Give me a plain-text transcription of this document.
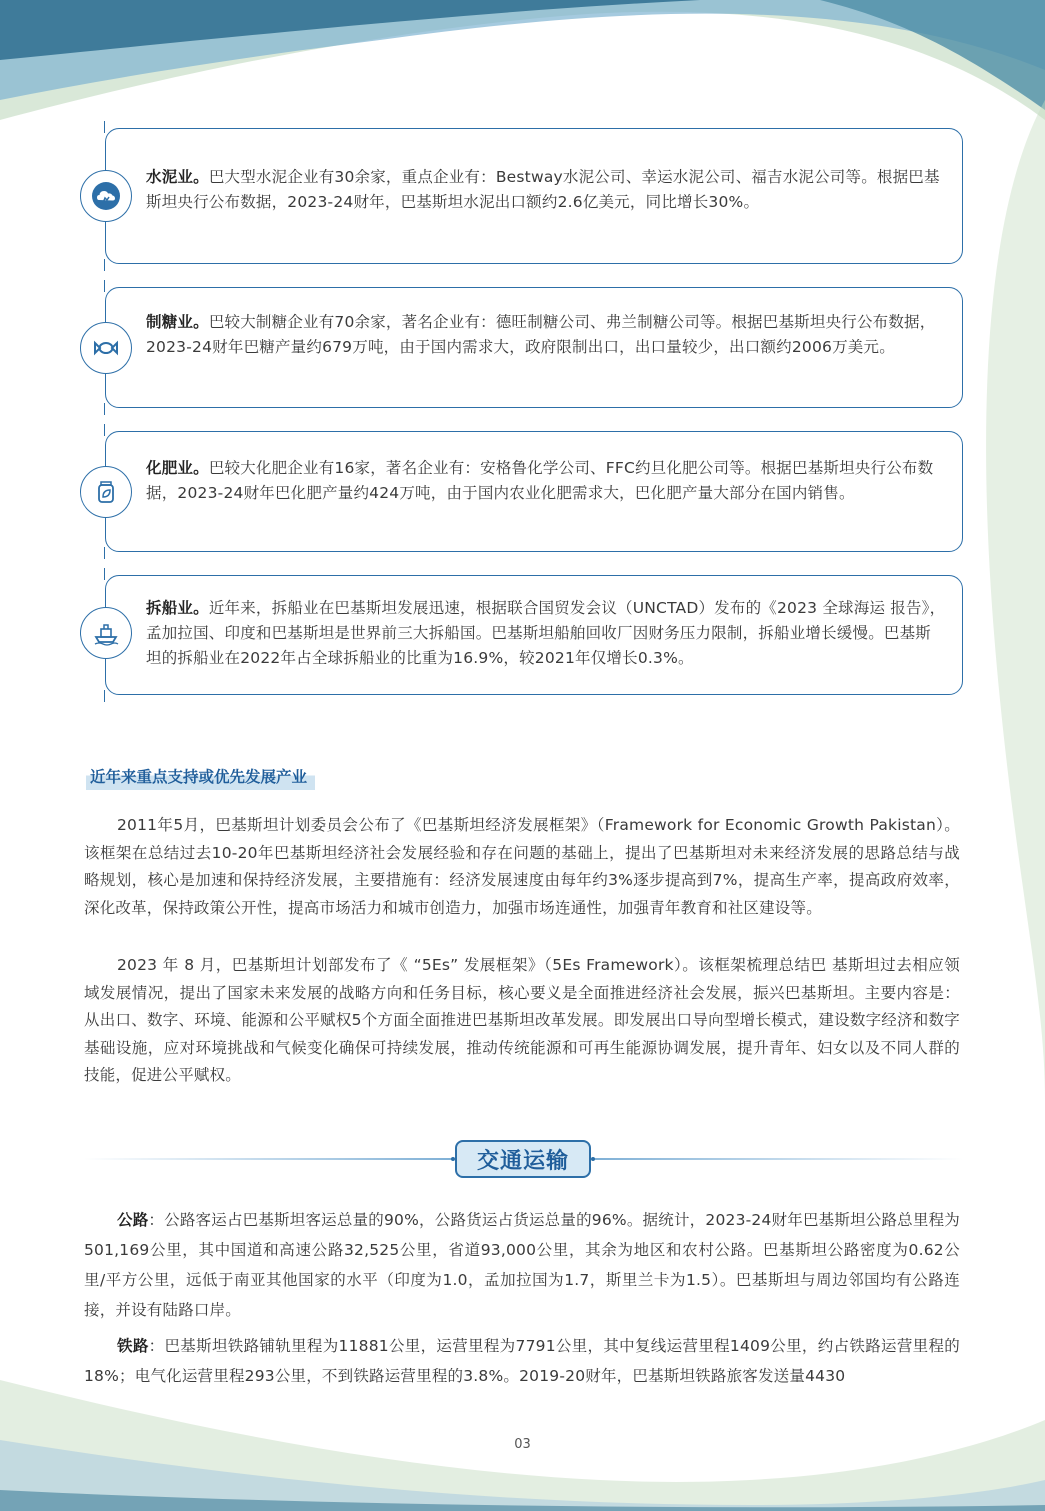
水泥业。巴大型水泥企业有30余家，重点企业有：Bestway水泥公司、幸运水泥公司、福吉水泥公司等。根据巴基斯坦央行公布数据，2023-24财年，巴基斯坦水泥出口额约2.6亿美元，同比增长30%。
制糖业。巴较大制糖企业有70余家，著名企业有：德旺制糖公司、弗兰制糖公司等。根据巴基斯坦央行公布数据，2023-24财年巴糖产量约679万吨，由于国内需求大，政府限制出口，出口量较少，出口额约2006万美元。
化肥业。巴较大化肥企业有16家，著名企业有：安格鲁化学公司、FFC约旦化肥公司等。根据巴基斯坦央行公布数据，2023-24财年巴化肥产量约424万吨，由于国内农业化肥需求大，巴化肥产量大部分在国内销售。
拆船业。近年来，拆船业在巴基斯坦发展迅速，根据联合国贸发会议（UNCTAD）发布的《2023 全球海运 报告》，孟加拉国、印度和巴基斯坦是世界前三大拆船国。巴基斯坦船舶回收厂因财务压力限制，拆船业增长缓慢。巴基斯坦的拆船业在2022年占全球拆船业的比重为16.9%，较2021年仅增长0.3%。
近年来重点支持或优先发展产业
2011年5月，巴基斯坦计划委员会公布了《巴基斯坦经济发展框架》（Framework for Economic Growth Pakistan）。该框架在总结过去10-20年巴基斯坦经济社会发展经验和存在问题的基础上，提出了巴基斯坦对未来经济发展的思路总结与战略规划，核心是加速和保持经济发展，主要措施有：经济发展速度由每年约3%逐步提高到7%，提高生产率，提高政府效率，深化改革，保持政策公开性，提高市场活力和城市创造力，加强市场连通性，加强青年教育和社区建设等。
2023 年 8 月，巴基斯坦计划部发布了《 “5Es” 发展框架》（5Es Framework）。该框架梳理总结巴 基斯坦过去相应领域发展情况，提出了国家未来发展的战略方向和任务目标，核心要义是全面推进经济社会发展，振兴巴基斯坦。主要内容是：从出口、数字、环境、能源和公平赋权5个方面全面推进巴基斯坦改革发展。即发展出口导向型增长模式，建设数字经济和数字基础设施，应对环境挑战和气候变化确保可持续发展，推动传统能源和可再生能源协调发展，提升青年、妇女以及不同人群的技能，促进公平赋权。
交通运输
公路：公路客运占巴基斯坦客运总量的90%，公路货运占货运总量的96%。据统计，2023-24财年巴基斯坦公路总里程为501,169公里，其中国道和高速公路32,525公里，省道93,000公里，其余为地区和农村公路。巴基斯坦公路密度为0.62公里/平方公里，远低于南亚其他国家的水平（印度为1.0，孟加拉国为1.7，斯里兰卡为1.5）。巴基斯坦与周边邻国均有公路连接，并设有陆路口岸。
铁路：巴基斯坦铁路铺轨里程为11881公里，运营里程为7791公里，其中复线运营里程1409公里，约占铁路运营里程的18%；电气化运营里程293公里，不到铁路运营里程的3.8%。2019-20财年，巴基斯坦铁路旅客发送量4430
03
